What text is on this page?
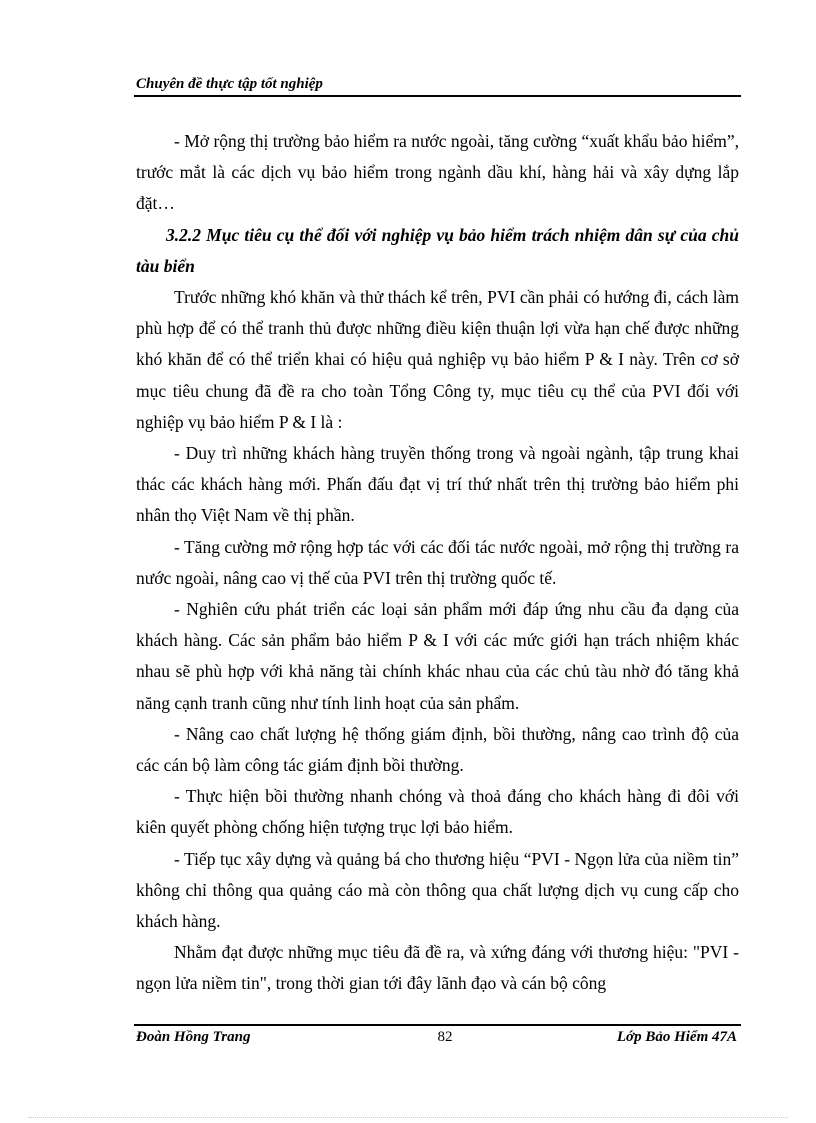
Chuyên đề thực tập tốt nghiệp

- Mở rộng thị trường bảo hiểm ra nước ngoài, tăng cường “xuất khẩu bảo hiểm”, trước mắt là các dịch vụ bảo hiểm trong ngành dầu khí, hàng hải và xây dựng lắp đặt…

3.2.2 Mục tiêu cụ thể đối với nghiệp vụ bảo hiểm trách nhiệm dân sự của chủ tàu biển

Trước những khó khăn và thử thách kể trên, PVI cần phải có hướng đi, cách làm phù hợp để có thể tranh thủ được những điều kiện thuận lợi vừa hạn chế được những khó khăn để có thể triển khai có hiệu quả nghiệp vụ bảo hiểm P & I này. Trên cơ sở mục tiêu chung đã đề ra cho toàn Tổng Công ty, mục tiêu cụ thể của PVI đối với nghiệp vụ bảo hiểm P & I là :

- Duy trì những khách hàng truyền thống trong và ngoài ngành, tập trung khai thác các khách hàng mới. Phấn đấu đạt vị trí thứ nhất trên thị trường bảo hiểm phi nhân thọ Việt Nam về thị phần.

- Tăng cường mở rộng hợp tác với các đối tác nước ngoài, mở rộng thị trường ra nước ngoài, nâng cao vị thế của PVI trên thị trường quốc tế.

- Nghiên cứu phát triển các loại sản phẩm mới đáp ứng nhu cầu đa dạng của khách hàng. Các sản phẩm bảo hiểm P & I với các mức giới hạn trách nhiệm khác nhau sẽ phù hợp với khả năng tài chính khác nhau của các chủ tàu nhờ đó tăng khả năng cạnh tranh cũng như tính linh hoạt của sản phẩm.

- Nâng cao chất lượng hệ thống giám định, bồi thường, nâng cao trình độ của các cán bộ làm công tác giám định bồi thường.

- Thực hiện bồi thường nhanh chóng và thoả đáng cho khách hàng đi đôi với kiên quyết phòng chống hiện tượng trục lợi bảo hiểm.

- Tiếp tục xây dựng và quảng bá cho thương hiệu “PVI - Ngọn lửa của niềm tin” không chỉ thông qua quảng cáo mà còn thông qua chất lượng dịch vụ cung cấp cho khách hàng.

Nhằm đạt được những mục tiêu đã đề ra, và xứng đáng với thương hiệu: "PVI - ngọn lửa niềm tin", trong thời gian tới đây lãnh đạo và cán bộ công

Đoàn Hồng Trang	82	Lớp Bảo Hiểm 47A
